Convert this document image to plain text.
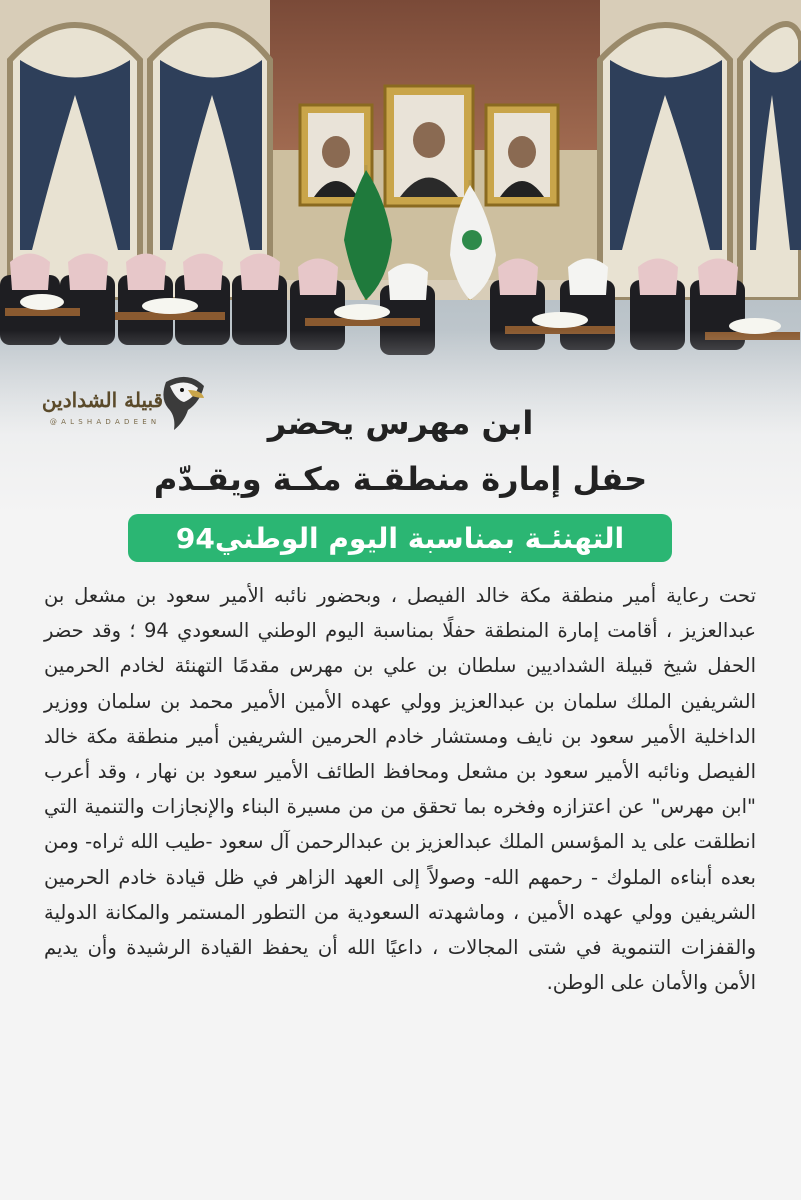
قبيلة الشدادين
@ A L S H A D A D E E N	ابن مهرس يحضر
حفل إمارة منطقـة مكـة ويقـدّم
التهنئـة بمناسبة اليوم الوطني94

تحت رعاية أمير منطقة مكة خالد الفيصل ، وبحضور نائبه الأمير سعود بن مشعل بن عبدالعزيز ، أقامت إمارة المنطقة حفلًا بمناسبة اليوم الوطني السعودي 94 ؛ وقد حضر الحفل شيخ قبيلة الشداديين سلطان بن علي بن مهرس مقدمًا التهنئة لخادم الحرمين الشريفين الملك سلمان بن عبدالعزيز وولي عهده الأمين الأمير محمد بن سلمان ووزير الداخلية الأمير سعود بن نايف ومستشار خادم الحرمين الشريفين أمير منطقة مكة خالد الفيصل ونائبه الأمير سعود بن مشعل ومحافظ الطائف الأمير سعود بن نهار ، وقد أعرب "ابن مهرس" عن اعتزازه وفخره بما تحقق من من مسيرة البناء والإنجازات والتنمية التي انطلقت على يد المؤسس الملك عبدالعزيز بن عبدالرحمن آل سعود -طيب الله ثراه- ومن بعده أبناءه الملوك - رحمهم الله- وصولاً إلى العهد الزاهر في ظل قيادة خادم الحرمين الشريفين وولي عهده الأمين ، وماشهدته السعودية من التطور المستمر والمكانة الدولية والقفزات التنموية في شتى المجالات ، داعيًا الله أن يحفظ القيادة الرشيدة وأن يديم الأمن والأمان على الوطن.
